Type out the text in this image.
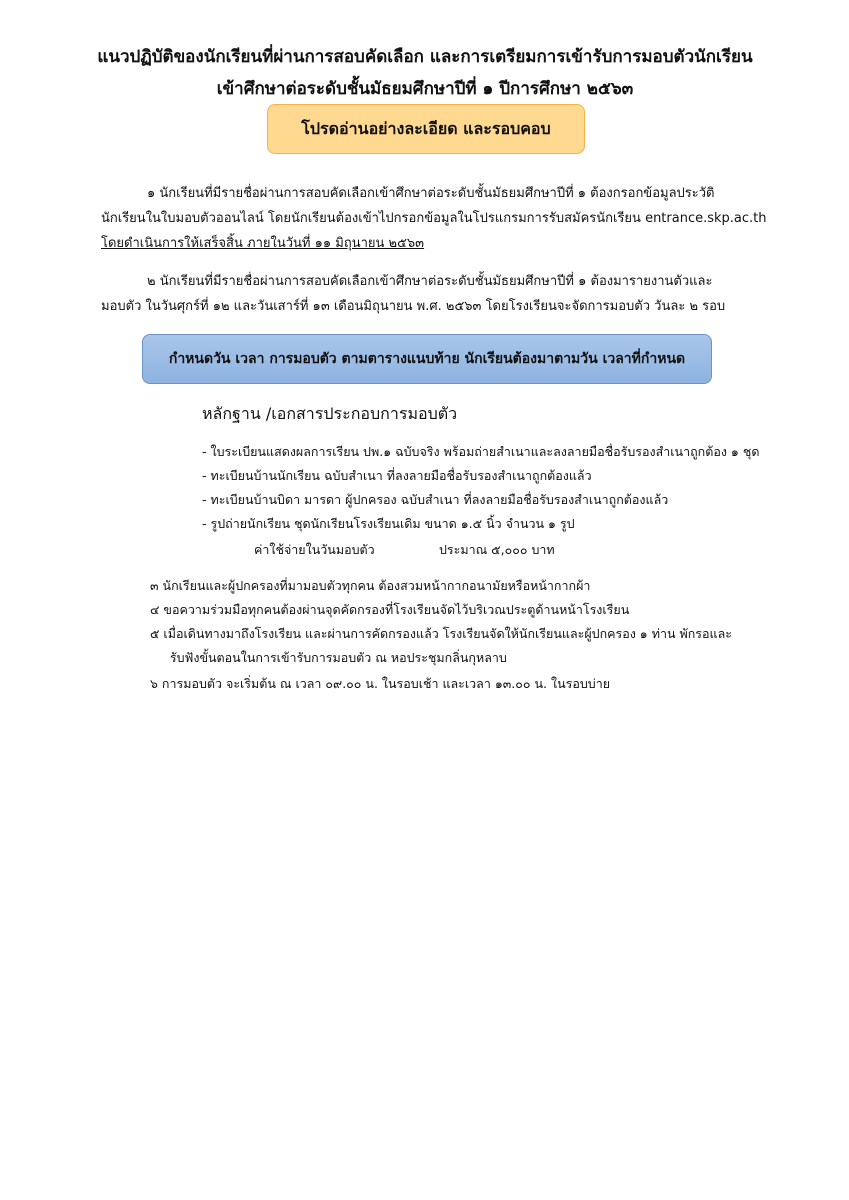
แนวปฏิบัติของนักเรียนที่ผ่านการสอบคัดเลือก และการเตรียมการเข้ารับการมอบตัวนักเรียน
เข้าศึกษาต่อระดับชั้นมัธยมศึกษาปีที่ ๑ ปีการศึกษา ๒๕๖๓
โปรดอ่านอย่างละเอียด และรอบคอบ
๑ นักเรียนที่มีรายชื่อผ่านการสอบคัดเลือกเข้าศึกษาต่อระดับชั้นมัธยมศึกษาปีที่ ๑ ต้องกรอกข้อมูลประวัติ
นักเรียนในใบมอบตัวออนไลน์ โดยนักเรียนต้องเข้าไปกรอกข้อมูลในโปรแกรมการรับสมัครนักเรียน entrance.skp.ac.th
โดยดำเนินการให้เสร็จสิ้น ภายในวันที่ ๑๑ มิถุนายน ๒๕๖๓
๒ นักเรียนที่มีรายชื่อผ่านการสอบคัดเลือกเข้าศึกษาต่อระดับชั้นมัธยมศึกษาปีที่ ๑ ต้องมารายงานตัวและ
มอบตัว ในวันศุกร์ที่ ๑๒ และวันเสาร์ที่ ๑๓ เดือนมิถุนายน พ.ศ. ๒๕๖๓ โดยโรงเรียนจะจัดการมอบตัว วันละ ๒ รอบ
กำหนดวัน เวลา การมอบตัว ตามตารางแนบท้าย นักเรียนต้องมาตามวัน เวลาที่กำหนด
หลักฐาน /เอกสารประกอบการมอบตัว
- ใบระเบียนแสดงผลการเรียน ปพ.๑ ฉบับจริง พร้อมถ่ายสำเนาและลงลายมือชื่อรับรองสำเนาถูกต้อง ๑ ชุด
- ทะเบียนบ้านนักเรียน ฉบับสำเนา ที่ลงลายมือชื่อรับรองสำเนาถูกต้องแล้ว
- ทะเบียนบ้านบิดา มารดา ผู้ปกครอง ฉบับสำเนา ที่ลงลายมือชื่อรับรองสำเนาถูกต้องแล้ว
- รูปถ่ายนักเรียน ชุดนักเรียนโรงเรียนเดิม ขนาด ๑.๕ นิ้ว จำนวน ๑ รูป
ค่าใช้จ่ายในวันมอบตัว	ประมาณ ๕,๐๐๐ บาท
๓ นักเรียนและผู้ปกครองที่มามอบตัวทุกคน ต้องสวมหน้ากากอนามัยหรือหน้ากากผ้า
๔ ขอความร่วมมือทุกคนต้องผ่านจุดคัดกรองที่โรงเรียนจัดไว้บริเวณประตูด้านหน้าโรงเรียน
๕ เมื่อเดินทางมาถึงโรงเรียน และผ่านการคัดกรองแล้ว โรงเรียนจัดให้นักเรียนและผู้ปกครอง ๑ ท่าน พักรอและ
รับฟังขั้นตอนในการเข้ารับการมอบตัว ณ หอประชุมกลิ่นกุหลาบ
๖ การมอบตัว จะเริ่มต้น ณ เวลา ๐๙.๐๐ น. ในรอบเช้า และเวลา ๑๓.๐๐ น. ในรอบบ่าย
